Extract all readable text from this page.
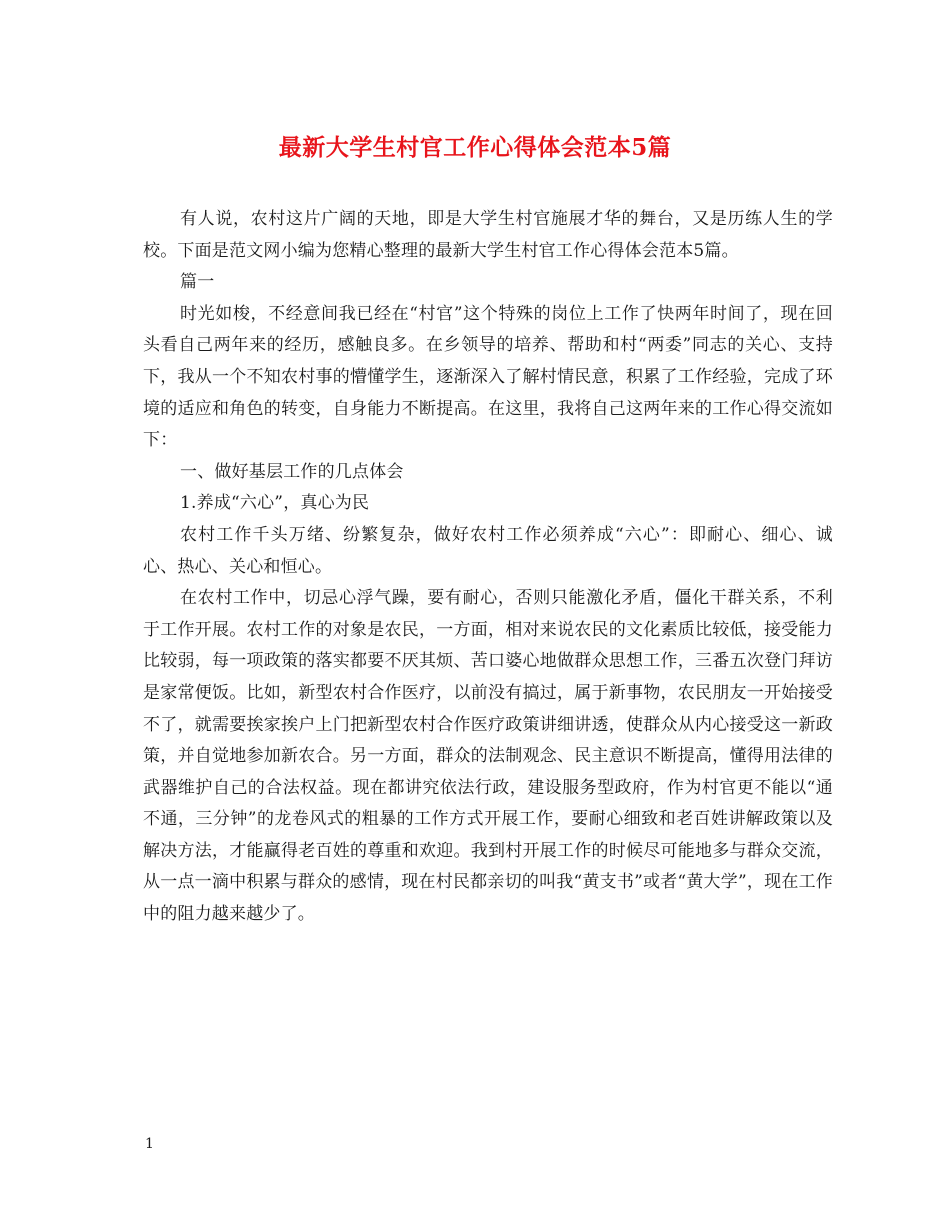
最新大学生村官工作心得体会范本5篇

有人说，农村这片广阔的天地，即是大学生村官施展才华的舞台，又是历练人生的学校。下面是范文网小编为您精心整理的最新大学生村官工作心得体会范本5篇。

篇一

时光如梭，不经意间我已经在“村官”这个特殊的岗位上工作了快两年时间了，现在回头看自己两年来的经历，感触良多。在乡领导的培养、帮助和村“两委”同志的关心、支持下，我从一个不知农村事的懵懂学生，逐渐深入了解村情民意，积累了工作经验，完成了环境的适应和角色的转变，自身能力不断提高。在这里，我将自己这两年来的工作心得交流如下：

一、做好基层工作的几点体会

1.养成“六心”，真心为民

农村工作千头万绪、纷繁复杂，做好农村工作必须养成“六心”：即耐心、细心、诚心、热心、关心和恒心。

在农村工作中，切忌心浮气躁，要有耐心，否则只能激化矛盾，僵化干群关系，不利于工作开展。农村工作的对象是农民，一方面，相对来说农民的文化素质比较低，接受能力比较弱，每一项政策的落实都要不厌其烦、苦口婆心地做群众思想工作，三番五次登门拜访是家常便饭。比如，新型农村合作医疗，以前没有搞过，属于新事物，农民朋友一开始接受不了，就需要挨家挨户上门把新型农村合作医疗政策讲细讲透，使群众从内心接受这一新政策，并自觉地参加新农合。另一方面，群众的法制观念、民主意识不断提高，懂得用法律的武器维护自己的合法权益。现在都讲究依法行政，建设服务型政府，作为村官更不能以“通不通，三分钟”的龙卷风式的粗暴的工作方式开展工作，要耐心细致和老百姓讲解政策以及解决方法，才能赢得老百姓的尊重和欢迎。我到村开展工作的时候尽可能地多与群众交流，从一点一滴中积累与群众的感情，现在村民都亲切的叫我“黄支书”或者“黄大学”，现在工作中的阻力越来越少了。

1
